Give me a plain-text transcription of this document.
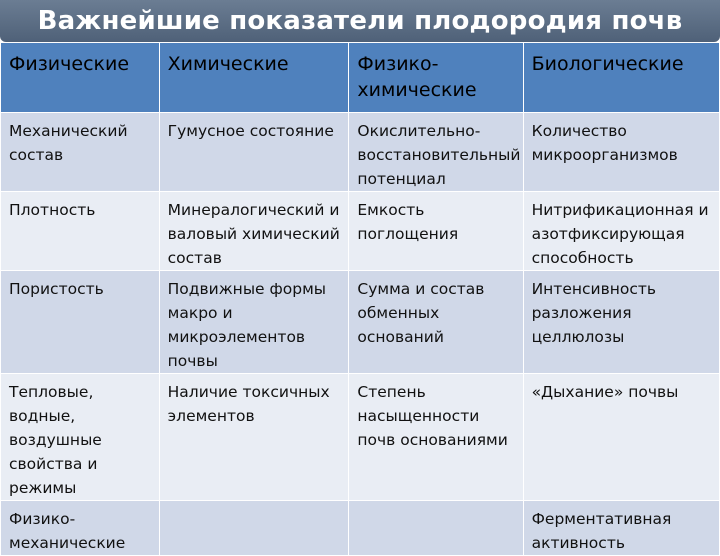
Важнейшие показатели плодородия почв
Физические	Химические	Физико-химические	Биологические
Механический состав	Гумусное состояние	Окислительно-восстановительный потенциал	Количество микроорганизмов
Плотность	Минералогический и валовый химический состав	Емкость поглощения	Нитрификационная и азотфиксирующая способность
Пористость	Подвижные формы макро и микроэлементов почвы	Сумма и состав обменных оснований	Интенсивность разложения целлюлозы
Тепловые, водные, воздушные свойства и режимы	Наличие токсичных элементов	Степень насыщенности почв основаниями	«Дыхание» почвы
Физико-механические			Ферментативная активность
